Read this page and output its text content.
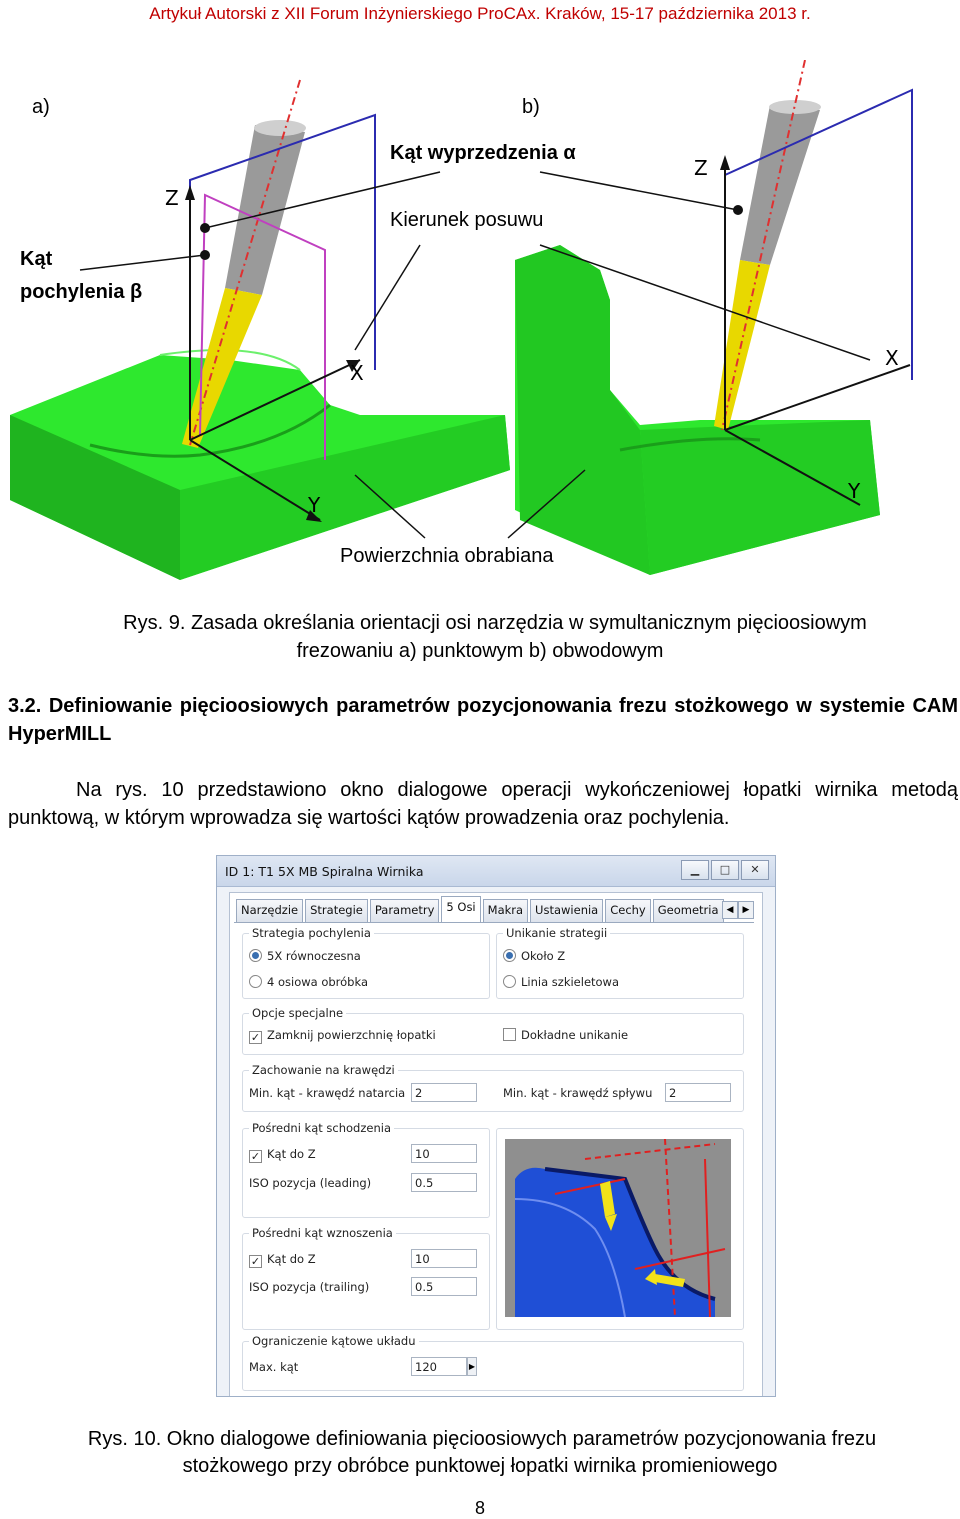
Artykuł Autorski z XII Forum Inżynierskiego ProCAx. Kraków, 15-17 października 2013 r.
Z
X
Y
Z
X
Y
a)	b)
Kąt wyprzedzenia α
Kierunek posuwu
Kąt
pochylenia β
Powierzchnia obrabiana
Rys. 9. Zasada określania orientacji osi narzędzia w symultanicznym pięcioosiowym
frezowaniu a) punktowym b) obwodowym
3.2. Definiowanie pięcioosiowych parametrów pozycjonowania frezu stożkowego w systemie CAM HyperMILL
Na rys. 10 przedstawiono okno dialogowe operacji wykończeniowej łopatki wirnika metodą punktową, w którym wprowadza się wartości kątów prowadzenia oraz pochylenia.
ID 1: T1 5X MB Spiralna Wirnika	▁	□	✕
Narzędzie	Strategie	Parametry	5 Osi	Makra	Ustawienia	Cechy	Geometria ◀	▶
Strategia pochylenia
5X równoczesna
4 osiowa obróbka
Unikanie strategii
Około Z
Linia szkieletowa
Opcje specjalne
✓ Zamknij powierzchnię łopatki	Dokładne unikanie
Zachowanie na krawędzi
Min. kąt - krawędź natarcia 2	Min. kąt - krawędź spływu	2
Pośredni kąt schodzenia
✓ Kąt do Z	10
ISO pozycja (leading)	0.5
Pośredni kąt wznoszenia
✓ Kąt do Z	10
ISO pozycja (trailing)	0.5
Ograniczenie kątowe układu
Max. kąt	120	▶
Rys. 10. Okno dialogowe definiowania pięcioosiowych parametrów pozycjonowania frezu
stożkowego przy obróbce punktowej łopatki wirnika promieniowego
8
